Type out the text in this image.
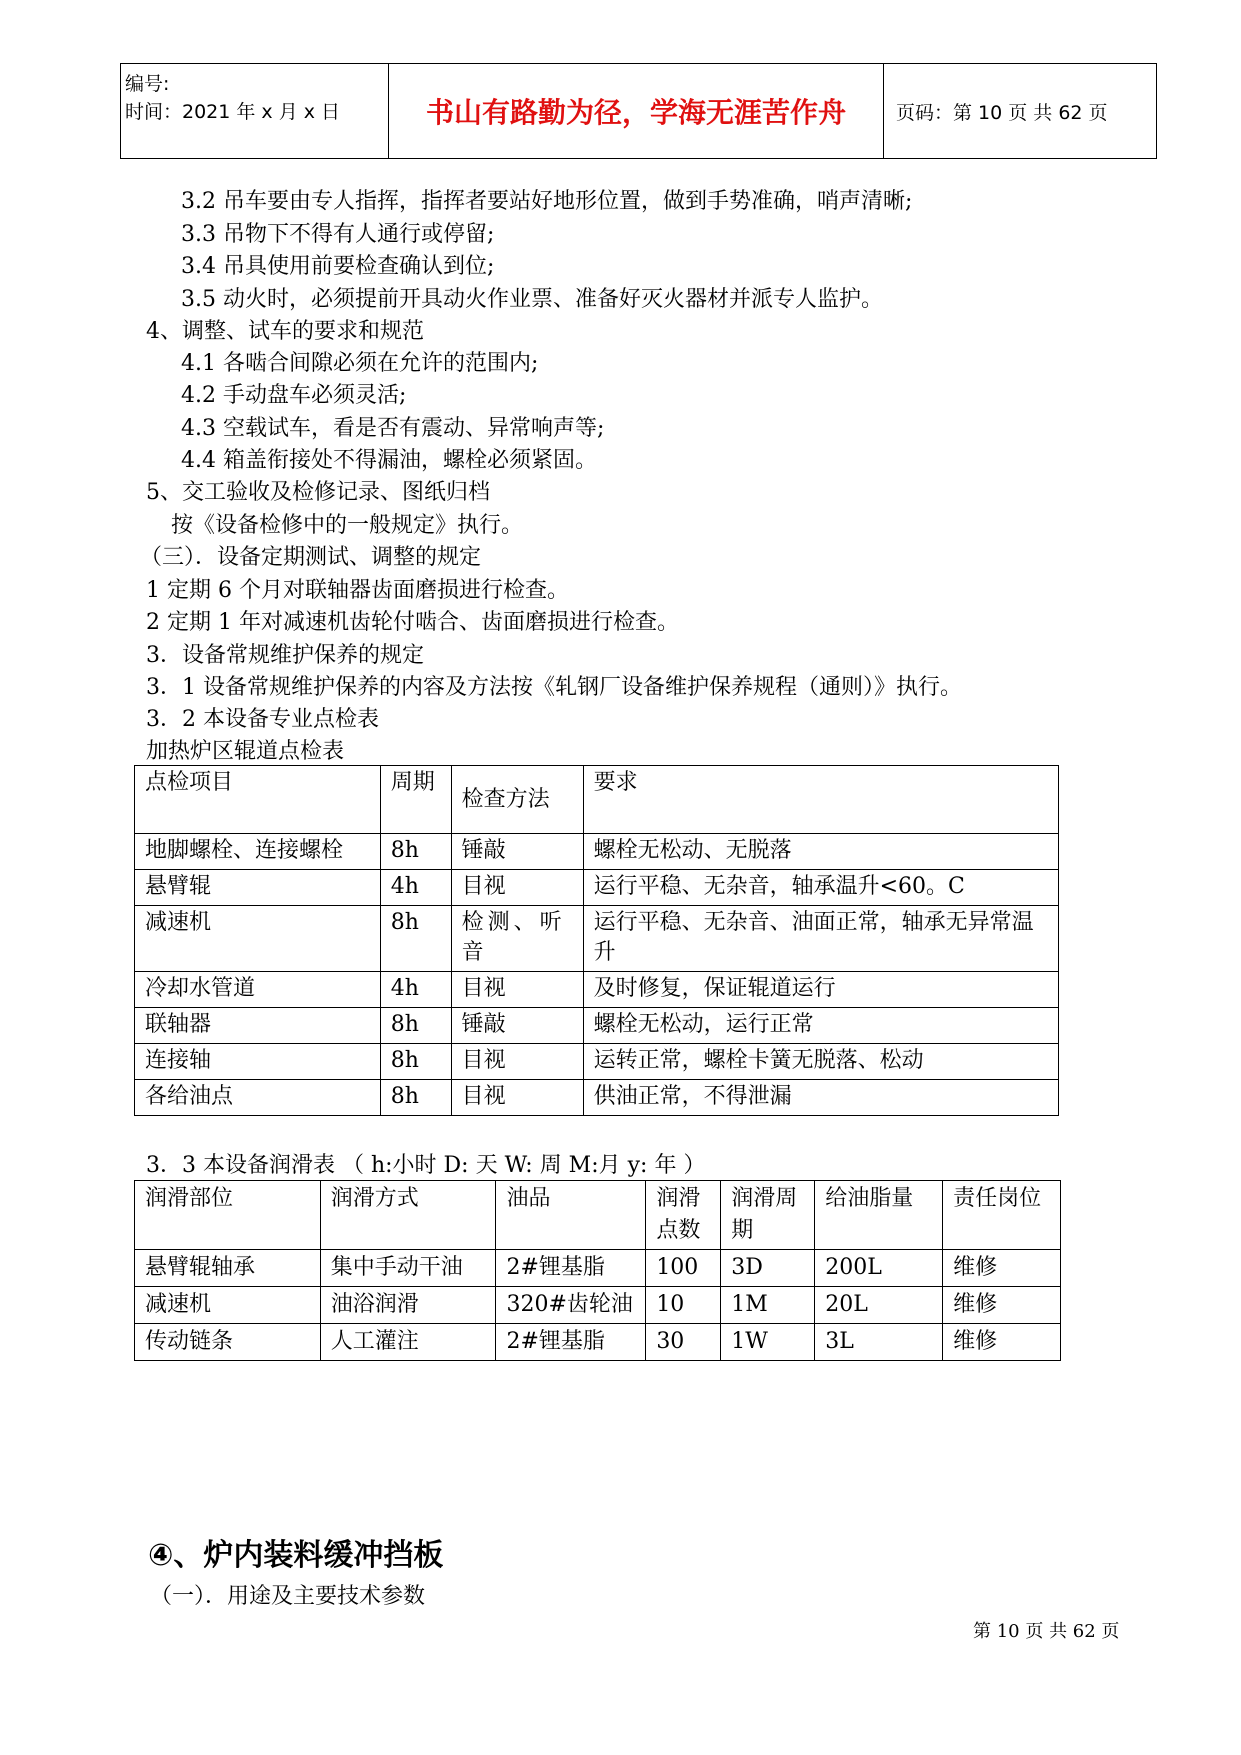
编号:
时间：2021 年 x 月 x 日	书山有路勤为径，学海无涯苦作舟	页码：第 10 页 共 62 页
3.2 吊车要由专人指挥，指挥者要站好地形位置，做到手势准确，哨声清晰;
3.3 吊物下不得有人通行或停留;
3.4 吊具使用前要检查确认到位;
3.5 动火时，必须提前开具动火作业票、准备好灭火器材并派专人监护。
4、调整、试车的要求和规范
4.1 各啮合间隙必须在允许的范围内;
4.2 手动盘车必须灵活;
4.3 空载试车，看是否有震动、异常响声等;
4.4 箱盖衔接处不得漏油，螺栓必须紧固。
5、交工验收及检修记录、图纸归档
按《设备检修中的一般规定》执行。
（三）．设备定期测试、调整的规定
1 定期 6 个月对联轴器齿面磨损进行检查。
2 定期 1 年对减速机齿轮付啮合、齿面磨损进行检查。
3．设备常规维护保养的规定
3．1 设备常规维护保养的内容及方法按《轧钢厂设备维护保养规程（通则）》执行。
3．2 本设备专业点检表
加热炉区辊道点检表
点检项目	周期	检查方法	要求
地脚螺栓、连接螺栓	8h	锤敲	螺栓无松动、无脱落
悬臂辊	4h	目视	运行平稳、无杂音，轴承温升<60。C
减速机	8h	检测、听音	运行平稳、无杂音、油面正常，轴承无异常温升
冷却水管道	4h	目视	及时修复，保证辊道运行
联轴器	8h	锤敲	螺栓无松动，运行正常
连接轴	8h	目视	运转正常，螺栓卡簧无脱落、松动
各给油点	8h	目视	供油正常，不得泄漏
3．3 本设备润滑表 （ h:小时 D: 天 W: 周 M:月 y: 年 ）
润滑部位	润滑方式	油品	润滑点数	润滑周期	给油脂量	责任岗位
悬臂辊轴承	集中手动干油	2#锂基脂	100	3D	200L	维修
减速机	油浴润滑	320#齿轮油	10	1M	20L	维修
传动链条	人工灌注	2#锂基脂	30	1W	3L	维修
④、炉内装料缓冲挡板
（一）．用途及主要技术参数
第 10 页 共 62 页
